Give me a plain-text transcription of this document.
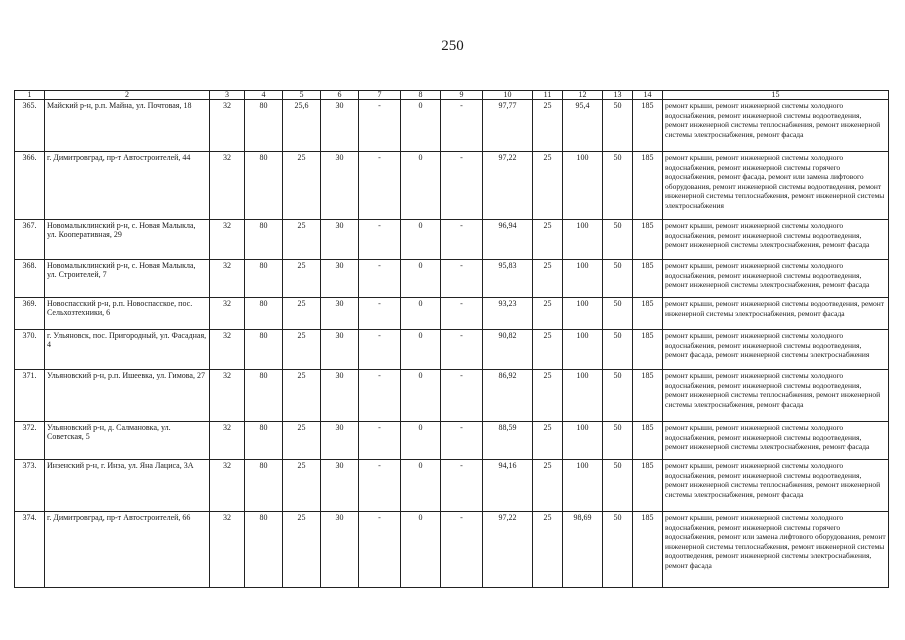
250
1	2	3	4	5	6	7	8	9	10	11	12	13	14	15
365.	Майский р-н, р.п. Майна, ул. Почтовая, 18	32	80	25,6	30	-	0	-	97,77	25	95,4	50	185	ремонт крыши, ремонт инженерной системы холодного водоснабжения, ремонт инженерной системы водоотведения, ремонт инженерной системы теплоснабжения, ремонт инженерной системы электроснабжения, ремонт фасада
366.	г. Димитровград, пр-т Автостроителей, 44	32	80	25	30	-	0	-	97,22	25	100	50	185	ремонт крыши, ремонт инженерной системы холодного водоснабжения, ремонт инженерной системы горячего водоснабжения, ремонт фасада, ремонт или замена лифтового оборудования, ремонт инженерной системы водоотведения, ремонт инженерной системы теплоснабжения, ремонт инженерной системы электроснабжения
367.	Новомалыклинский р-н, с. Новая Малыкла, ул. Кооперативная, 29	32	80	25	30	-	0	-	96,94	25	100	50	185	ремонт крыши, ремонт инженерной системы холодного водоснабжения, ремонт инженерной системы водоотведения, ремонт инженерной системы электроснабжения, ремонт фасада
368.	Новомалыклинский р-н, с. Новая Малыкла, ул. Строителей, 7	32	80	25	30	-	0	-	95,83	25	100	50	185	ремонт крыши, ремонт инженерной системы холодного водоснабжения, ремонт инженерной системы водоотведения, ремонт инженерной системы электроснабжения, ремонт фасада
369.	Новоспасский р-н, р.п. Новоспасское, пос. Сельхозтехники, 6	32	80	25	30	-	0	-	93,23	25	100	50	185	ремонт крыши, ремонт инженерной системы водоотведения, ремонт инженерной системы электроснабжения, ремонт фасада
370.	г. Ульяновск, пос. Пригородный, ул. Фасадная, 4	32	80	25	30	-	0	-	90,82	25	100	50	185	ремонт крыши, ремонт инженерной системы холодного водоснабжения, ремонт инженерной системы водоотведения, ремонт фасада, ремонт инженерной системы электроснабжения
371.	Ульяновский р-н, р.п. Ишеевка, ул. Гимова, 27	32	80	25	30	-	0	-	86,92	25	100	50	185	ремонт крыши, ремонт инженерной системы холодного водоснабжения, ремонт инженерной системы водоотведения, ремонт инженерной системы теплоснабжения, ремонт инженерной системы электроснабжения, ремонт фасада
372.	Ульяновский р-н, д. Салмановка, ул. Советская, 5	32	80	25	30	-	0	-	88,59	25	100	50	185	ремонт крыши, ремонт инженерной системы холодного водоснабжения, ремонт инженерной системы водоотведения, ремонт инженерной системы электроснабжения, ремонт фасада
373.	Инзенский р-н, г. Инза, ул. Яна Лациса, 3А	32	80	25	30	-	0	-	94,16	25	100	50	185	ремонт крыши, ремонт инженерной системы холодного водоснабжения, ремонт инженерной системы водоотведения, ремонт инженерной системы теплоснабжения, ремонт инженерной системы электроснабжения, ремонт фасада
374.	г. Димитровград, пр-т Автостроителей, 66	32	80	25	30	-	0	-	97,22	25	98,69	50	185	ремонт крыши, ремонт инженерной системы холодного водоснабжения, ремонт инженерной системы горячего водоснабжения, ремонт или замена лифтового оборудования, ремонт инженерной системы теплоснабжения, ремонт инженерной системы водоотведения, ремонт инженерной системы электроснабжения, ремонт фасада
